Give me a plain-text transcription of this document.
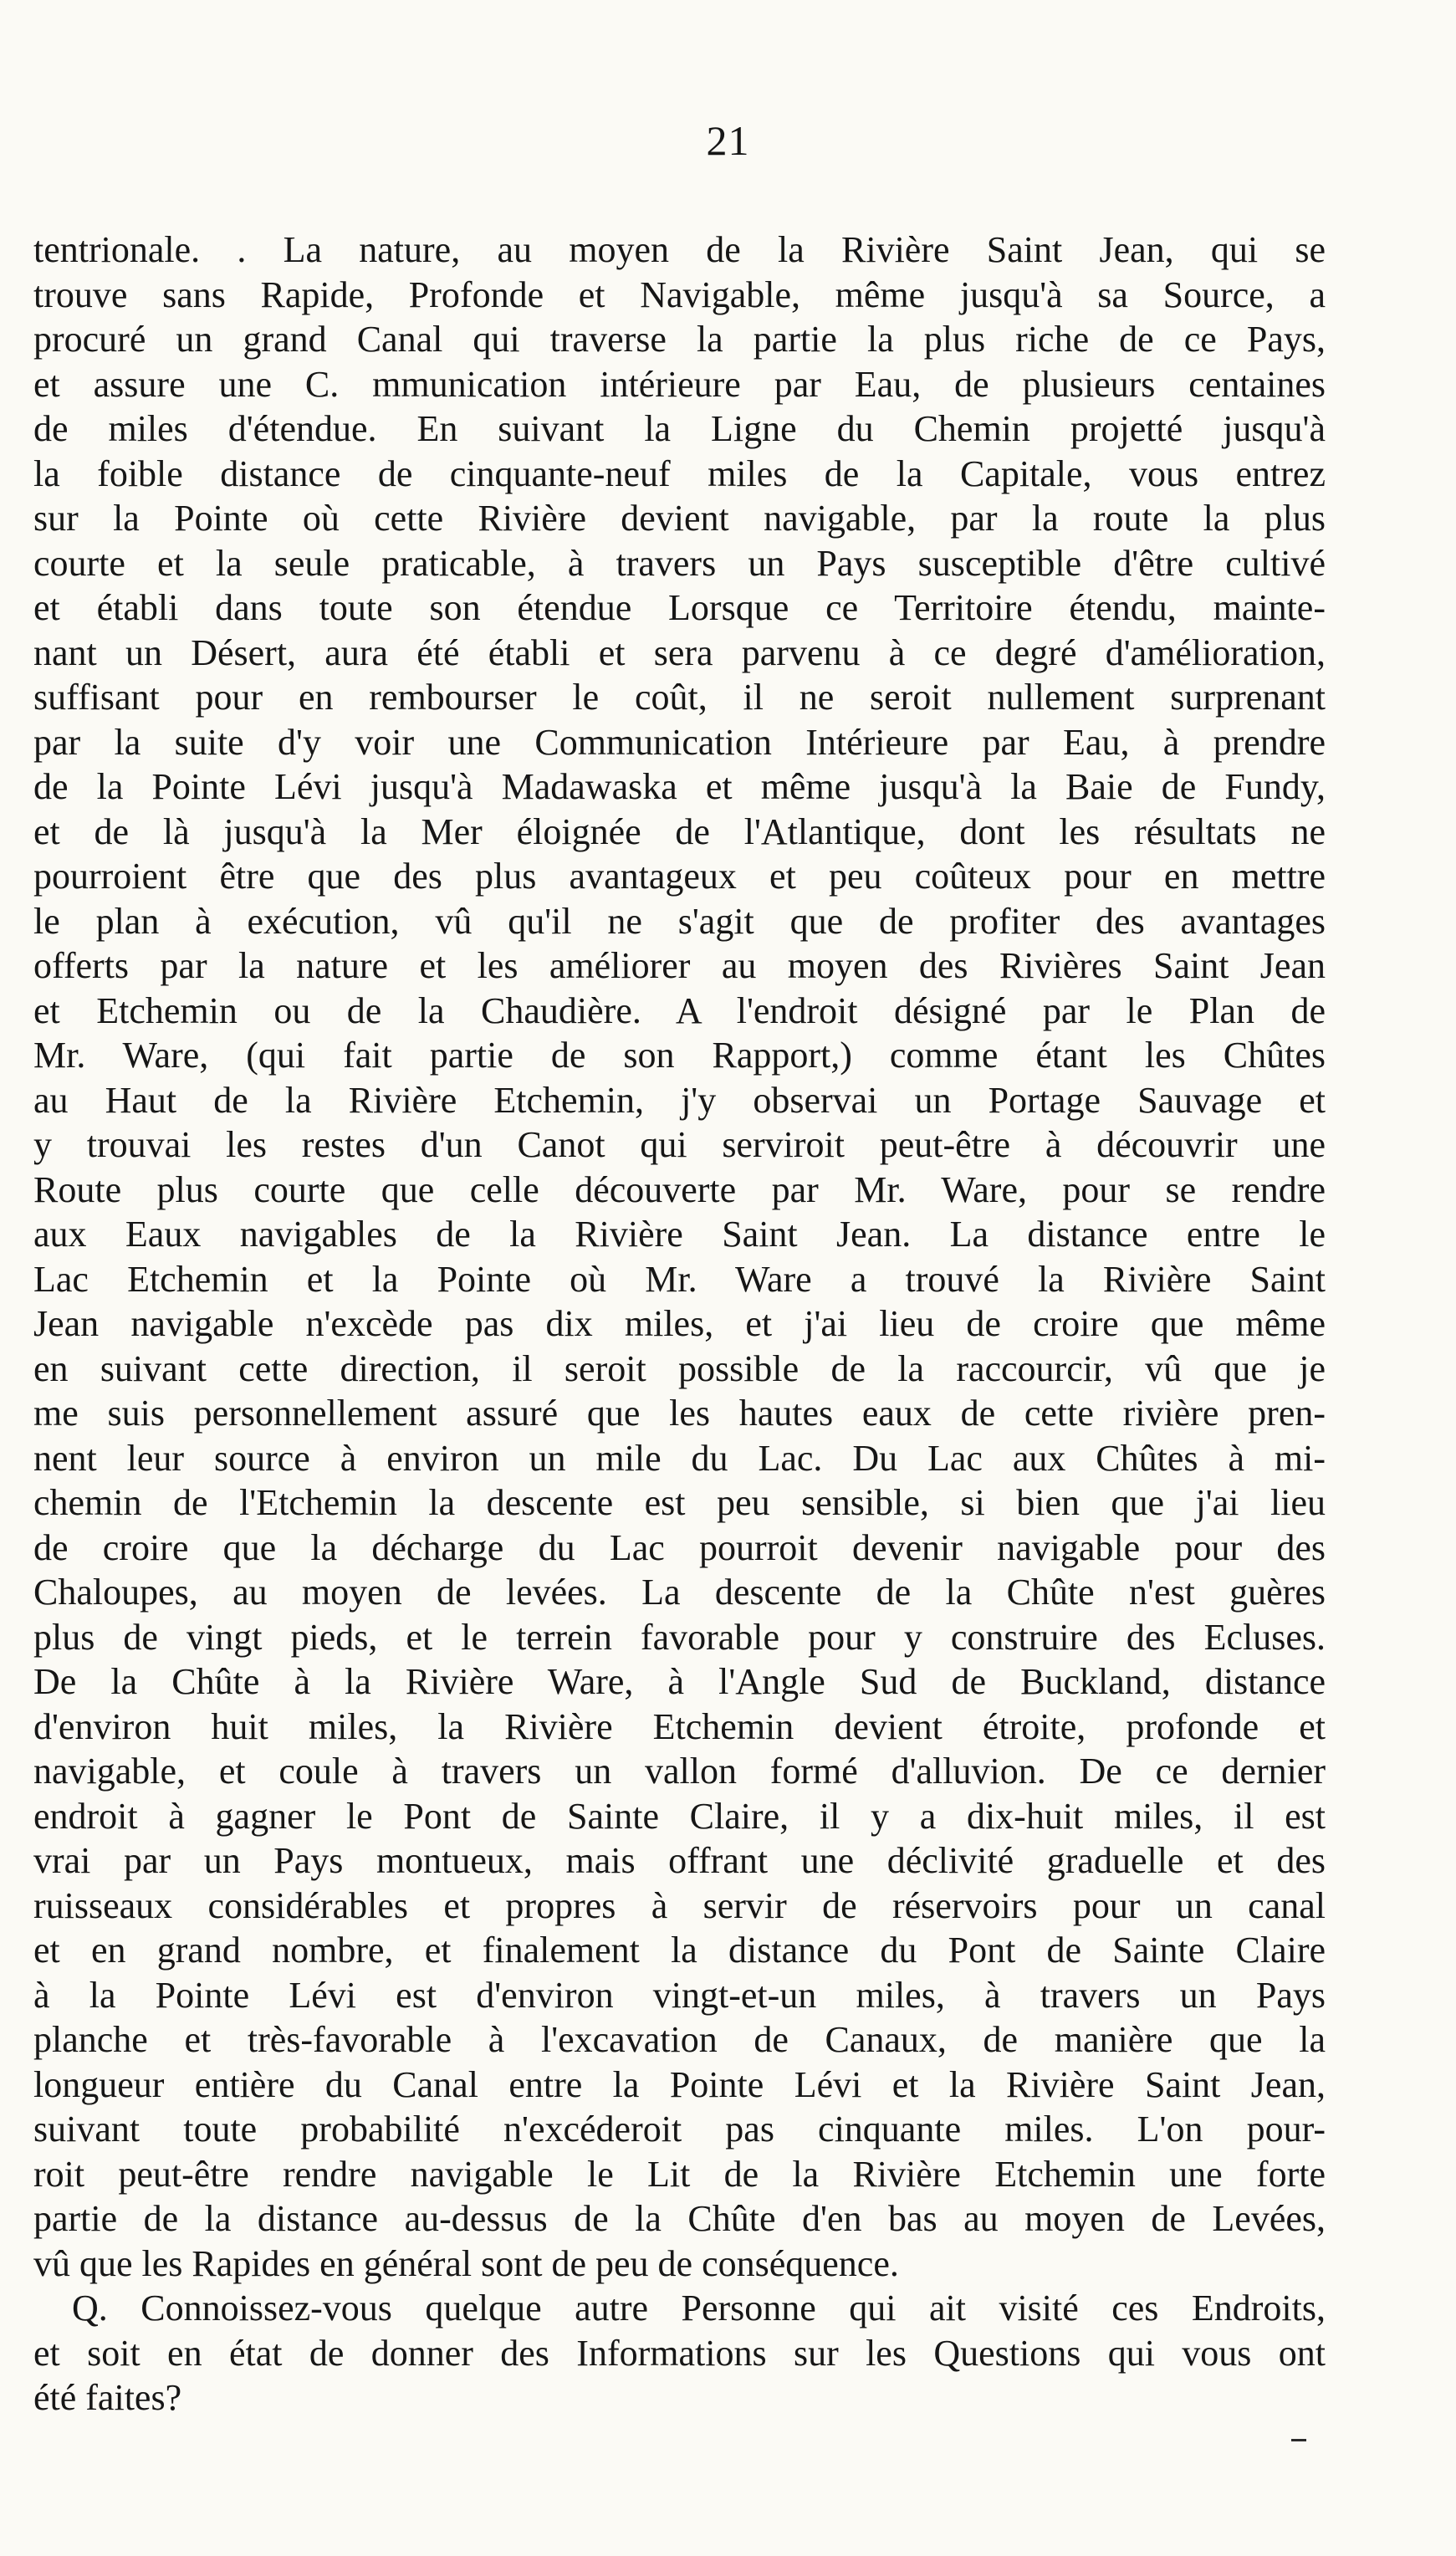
21
tentrionale. . La nature, au moyen de la Rivière Saint Jean, qui se
trouve sans Rapide, Profonde et Navigable, même jusqu'à sa Source, a
procuré un grand Canal qui traverse la partie la plus riche de ce Pays,
et assure une C. mmunication intérieure par Eau, de plusieurs centaines
de miles d'étendue. En suivant la Ligne du Chemin projetté jusqu'à
la foible distance de cinquante-neuf miles de la Capitale, vous entrez
sur la Pointe où cette Rivière devient navigable, par la route la plus
courte et la seule praticable, à travers un Pays susceptible d'être cultivé
et établi dans toute son étendue Lorsque ce Territoire étendu, mainte-
nant un Désert, aura été établi et sera parvenu à ce degré d'amélioration,
suffisant pour en rembourser le coût, il ne seroit nullement surprenant
par la suite d'y voir une Communication Intérieure par Eau, à prendre
de la Pointe Lévi jusqu'à Madawaska et même jusqu'à la Baie de Fundy,
et de là jusqu'à la Mer éloignée de l'Atlantique, dont les résultats ne
pourroient être que des plus avantageux et peu coûteux pour en mettre
le plan à exécution, vû qu'il ne s'agit que de profiter des avantages
offerts par la nature et les améliorer au moyen des Rivières Saint Jean
et Etchemin ou de la Chaudière. A l'endroit désigné par le Plan de
Mr. Ware, (qui fait partie de son Rapport,) comme étant les Chûtes
au Haut de la Rivière Etchemin, j'y observai un Portage Sauvage et
y trouvai les restes d'un Canot qui serviroit peut-être à découvrir une
Route plus courte que celle découverte par Mr. Ware, pour se rendre
aux Eaux navigables de la Rivière Saint Jean. La distance entre le
Lac Etchemin et la Pointe où Mr. Ware a trouvé la Rivière Saint
Jean navigable n'excède pas dix miles, et j'ai lieu de croire que même
en suivant cette direction, il seroit possible de la raccourcir, vû que je
me suis personnellement assuré que les hautes eaux de cette rivière pren-
nent leur source à environ un mile du Lac. Du Lac aux Chûtes à mi-
chemin de l'Etchemin la descente est peu sensible, si bien que j'ai lieu
de croire que la décharge du Lac pourroit devenir navigable pour des
Chaloupes, au moyen de levées. La descente de la Chûte n'est guères
plus de vingt pieds, et le terrein favorable pour y construire des Ecluses.
De la Chûte à la Rivière Ware, à l'Angle Sud de Buckland, distance
d'environ huit miles, la Rivière Etchemin devient étroite, profonde et
navigable, et coule à travers un vallon formé d'alluvion. De ce dernier
endroit à gagner le Pont de Sainte Claire, il y a dix-huit miles, il est
vrai par un Pays montueux, mais offrant une déclivité graduelle et des
ruisseaux considérables et propres à servir de réservoirs pour un canal
et en grand nombre, et finalement la distance du Pont de Sainte Claire
à la Pointe Lévi est d'environ vingt-et-un miles, à travers un Pays
planche et très-favorable à l'excavation de Canaux, de manière que la
longueur entière du Canal entre la Pointe Lévi et la Rivière Saint Jean,
suivant toute probabilité n'excéderoit pas cinquante miles. L'on pour-
roit peut-être rendre navigable le Lit de la Rivière Etchemin une forte
partie de la distance au-dessus de la Chûte d'en bas au moyen de Levées,
vû que les Rapides en général sont de peu de conséquence.
Q. Connoissez-vous quelque autre Personne qui ait visité ces Endroits,
et soit en état de donner des Informations sur les Questions qui vous ont
été faites?
